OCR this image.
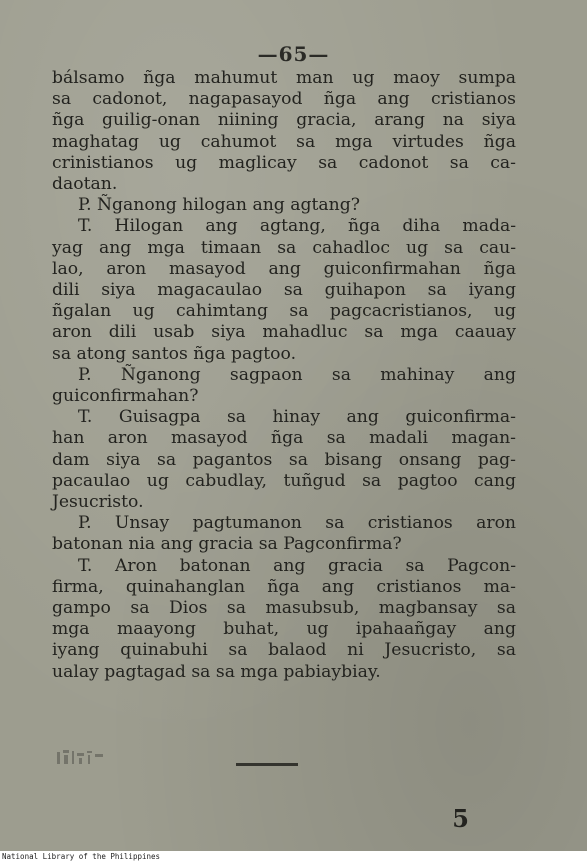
—65—
bálsamo ñga mahumut man ug maoy sumpa
sa cadonot, nagapasayod ñga ang cristianos
ñga guilig-onan niining gracia, arang na siya
maghatag ug cahumot sa mga virtudes ñga
crinistianos ug maglicay sa cadonot sa ca-
daotan.
P. Ñganong hilogan ang agtang?
T. Hilogan ang agtang, ñga diha mada-
yag ang mga timaan sa cahadloc ug sa cau-
lao, aron masayod ang guiconfirmahan ñga
dili siya magacaulao sa guihapon sa iyang
ñgalan ug cahimtang sa pagcacristianos, ug
aron dili usab siya mahadluc sa mga caauay
sa atong santos ñga pagtoo.
P. Ñganong sagpaon sa mahinay ang
guiconfirmahan?
T. Guisagpa sa hinay ang guiconfirma-
han aron masayod ñga sa madali magan-
dam siya sa pagantos sa bisang onsang pag-
pacaulao ug cabudlay, tuñgud sa pagtoo cang
Jesucristo.
P. Unsay pagtumanon sa cristianos aron
batonan nia ang gracia sa Pagconfirma?
T. Aron batonan ang gracia sa Pagcon-
firma, quinahanglan ñga ang cristianos ma-
gampo sa Dios sa masubsub, magbansay sa
mga maayong buhat, ug ipahaañgay ang
iyang quinabuhi sa balaod ni Jesucristo, sa
ualay pagtagad sa sa mga pabiaybiay.
5
National Library of the Philippines
